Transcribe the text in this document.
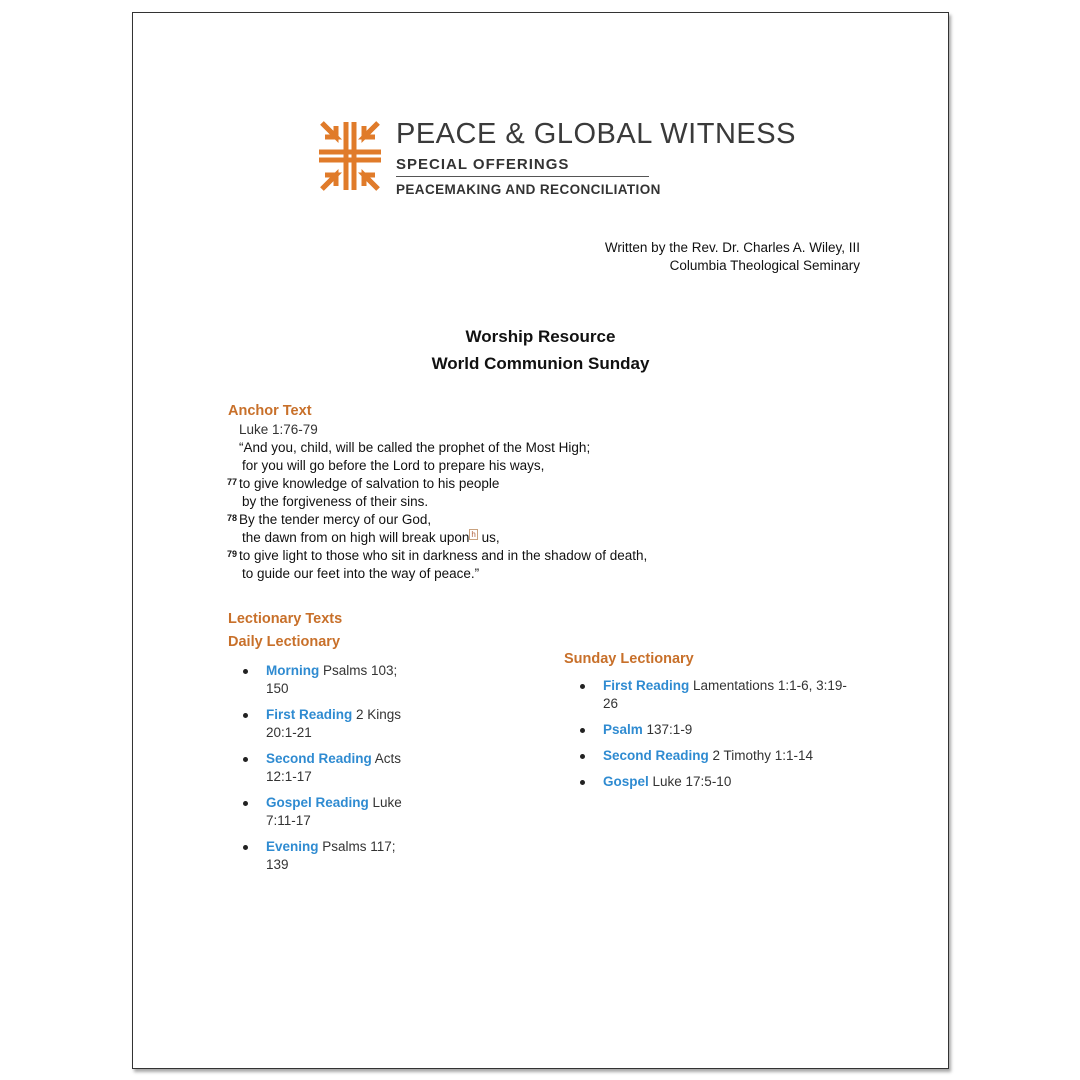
PEACE & GLOBAL WITNESS
SPECIAL OFFERINGS
PEACEMAKING AND RECONCILIATION
Written by the Rev. Dr. Charles A. Wiley, III
Columbia Theological Seminary
Worship Resource
World Communion Sunday
Anchor Text
Luke 1:76-79
“And you, child, will be called the prophet of the Most High;
for you will go before the Lord to prepare his ways,
77 to give knowledge of salvation to his people
by the forgiveness of their sins.
78 By the tender mercy of our God,
the dawn from on high will break upon $^h$ us,
79 to give light to those who sit in darkness and in the shadow of death,
to guide our feet into the way of peace.”
Lectionary Texts
Daily Lectionary
Sunday Lectionary
Morning Psalms 103;
150
First Reading 2 Kings
20:1-21
Second Reading Acts
12:1-17
Gospel Reading Luke
7:11-17
Evening Psalms 117;
139
First Reading Lamentations 1:1-6, 3:19-
26
Psalm 137:1-9
Second Reading 2 Timothy 1:1-14
Gospel Luke 17:5-10
